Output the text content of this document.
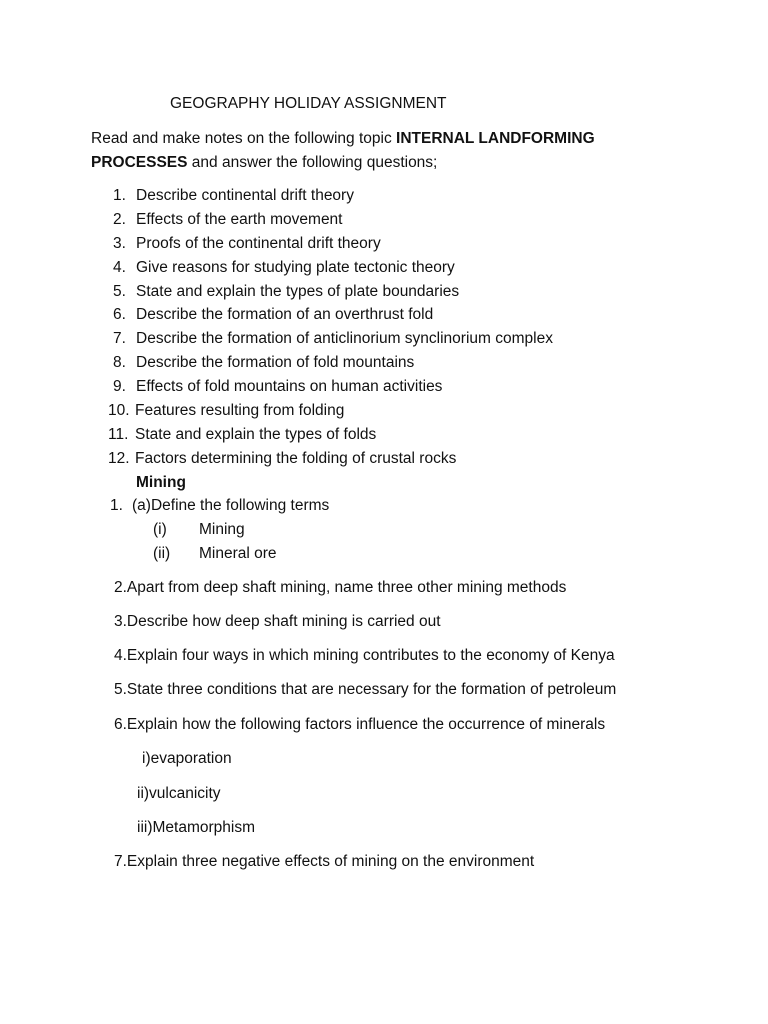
GEOGRAPHY HOLIDAY ASSIGNMENT
Read and make notes on the following topic INTERNAL LANDFORMING
PROCESSES and answer the following questions;
1. Describe continental drift theory
2. Effects of the earth movement
3. Proofs of the continental drift theory
4. Give reasons for studying plate tectonic theory
5. State and explain the types of plate boundaries
6. Describe the formation of an overthrust fold
7. Describe the formation of anticlinorium synclinorium complex
8. Describe the formation of fold mountains
9. Effects of fold mountains on human activities
10. Features resulting from folding
11. State and explain the types of folds
12. Factors determining the folding of crustal rocks
Mining
1. (a)Define the following terms
(i) Mining
(ii) Mineral ore
2.Apart from deep shaft mining, name three other mining methods
3.Describe how deep shaft mining is carried out
4.Explain four ways in which mining contributes to the economy of Kenya
5.State three conditions that are necessary for the formation of petroleum
6.Explain how the following factors influence the occurrence of minerals
i)evaporation
ii)vulcanicity
iii)Metamorphism
7.Explain three negative effects of mining on the environment
